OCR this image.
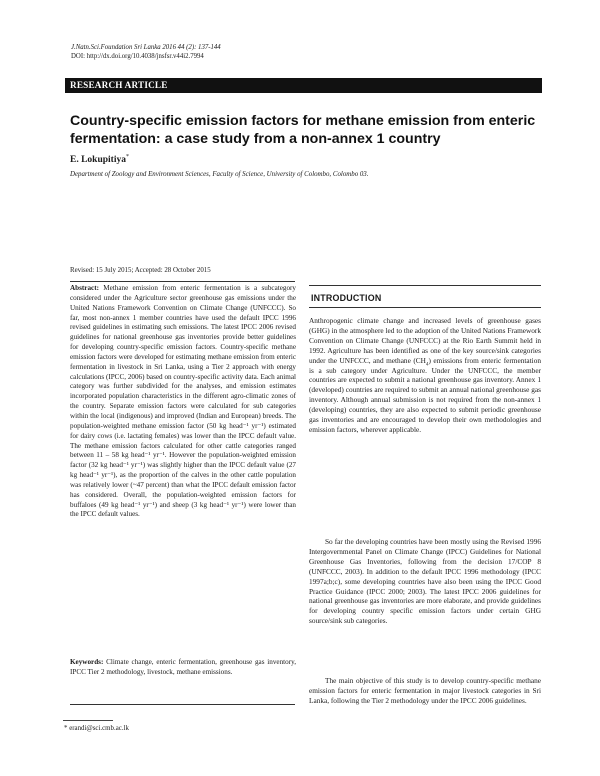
J.Natn.Sci.Foundation Sri Lanka 2016 44 (2): 137-144
DOI: http://dx.doi.org/10.4038/jnsfsr.v44i2.7994
RESEARCH ARTICLE
Country-specific emission factors for methane emission from enteric fermentation: a case study from a non-annex 1 country
E. Lokupitiya*
Department of Zoology and Environment Sciences, Faculty of Science, University of Colombo, Colombo 03.
Revised: 15 July 2015; Accepted: 28 October 2015
Abstract: Methane emission from enteric fermentation is a subcategory considered under the Agriculture sector greenhouse gas emissions under the United Nations Framework Convention on Climate Change (UNFCCC). So far, most non-annex 1 member countries have used the default IPCC 1996 revised guidelines in estimating such emissions. The latest IPCC 2006 revised guidelines for national greenhouse gas inventories provide better guidelines for developing country-specific emission factors. Country-specific methane emission factors were developed for estimating methane emission from enteric fermentation in livestock in Sri Lanka, using a Tier 2 approach with energy calculations (IPCC, 2006) based on country-specific activity data. Each animal category was further subdivided for the analyses, and emission estimates incorporated population characteristics in the different agro-climatic zones of the country. Separate emission factors were calculated for sub categories within the local (indigenous) and improved (Indian and European) breeds. The population-weighted methane emission factor (50 kg head⁻¹ yr⁻¹) estimated for dairy cows (i.e. lactating females) was lower than the IPCC default value. The methane emission factors calculated for other cattle categories ranged between 11 – 58 kg head⁻¹ yr⁻¹. However the population-weighted emission factor (32 kg head⁻¹ yr⁻¹) was slightly higher than the IPCC default value (27 kg head⁻¹ yr⁻¹), as the proportion of the calves in the other cattle population was relatively lower (~47 percent) than what the IPCC default emission factor has considered. Overall, the population-weighted emission factors for buffaloes (49 kg head⁻¹ yr⁻¹) and sheep (3 kg head⁻¹ yr⁻¹) were lower than the IPCC default values.
Keywords: Climate change, enteric fermentation, greenhouse gas inventory, IPCC Tier 2 methodology, livestock, methane emissions.
INTRODUCTION

Anthropogenic climate change and increased levels of greenhouse gases (GHG) in the atmosphere led to the adoption of the United Nations Framework Convention on Climate Change (UNFCCC) at the Rio Earth Summit held in 1992. Agriculture has been identified as one of the key source/sink categories under the UNFCCC, and methane $(CH_4)$ emissions from enteric fermentation is a sub category under Agriculture. Under the UNFCCC, the member countries are expected to submit a national greenhouse gas inventory. Annex 1 (developed) countries are required to submit an annual national greenhouse gas inventory. Although annual submission is not required from the non-annex 1 (developing) countries, they are also expected to submit periodic greenhouse gas inventories and are encouraged to develop their own methodologies and emission factors, wherever applicable.

So far the developing countries have been mostly using the Revised 1996 Intergovernmental Panel on Climate Change (IPCC) Guidelines for National Greenhouse Gas Inventories, following from the decision 17/COP 8 (UNFCCC, 2003). In addition to the default IPCC 1996 methodology (IPCC 1997a;b;c), some developing countries have also been using the IPCC Good Practice Guidance (IPCC 2000; 2003). The latest IPCC 2006 guidelines for national greenhouse gas inventories are more elaborate, and provide guidelines for developing country specific emission factors under certain GHG source/sink sub categories.

The main objective of this study is to develop country-specific methane emission factors for enteric fermentation in major livestock categories in Sri Lanka, following the Tier 2 methodology under the IPCC 2006 guidelines.

* erandi@sci.cmb.ac.lk
